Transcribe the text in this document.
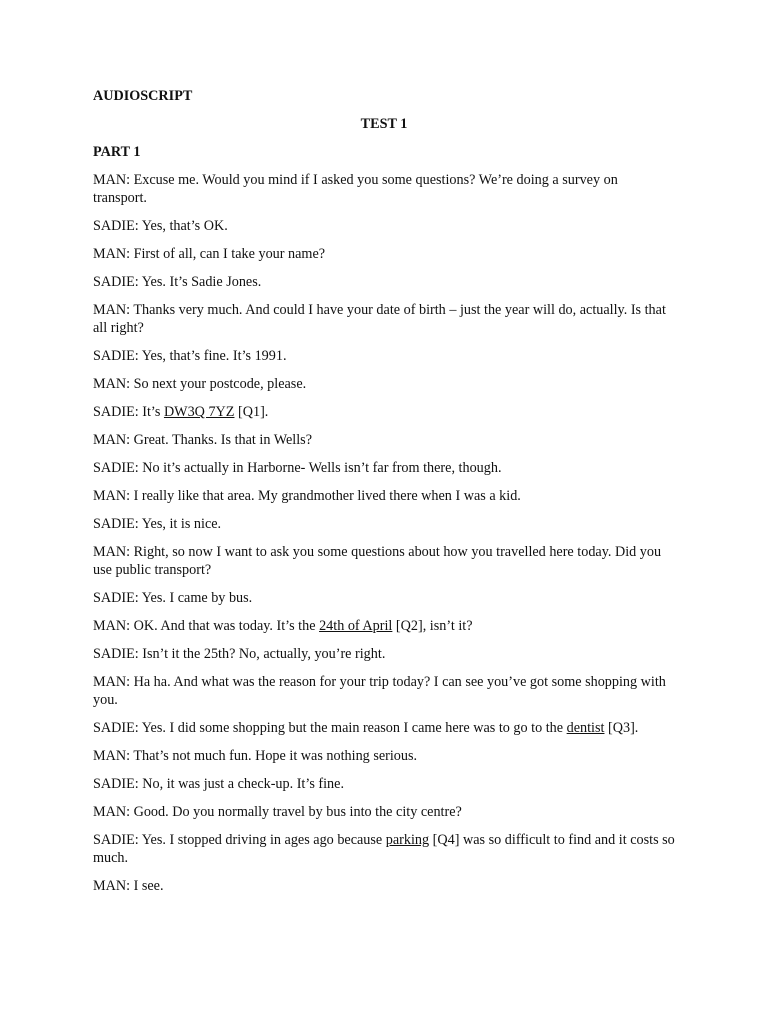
AUDIOSCRIPT

TEST 1

PART 1

MAN: Excuse me. Would you mind if I asked you some questions? We’re doing a survey on transport.

SADIE: Yes, that’s OK.

MAN: First of all, can I take your name?

SADIE: Yes. It’s Sadie Jones.

MAN: Thanks very much. And could I have your date of birth – just the year will do, actually. Is that all right?

SADIE: Yes, that’s fine. It’s 1991.

MAN: So next your postcode, please.

SADIE: It’s DW3Q 7YZ [Q1].

MAN: Great. Thanks. Is that in Wells?

SADIE: No it’s actually in Harborne- Wells isn’t far from there, though.

MAN: I really like that area. My grandmother lived there when I was a kid.

SADIE: Yes, it is nice.

MAN: Right, so now I want to ask you some questions about how you travelled here today. Did you use public transport?

SADIE: Yes. I came by bus.

MAN: OK. And that was today. It’s the 24th of April [Q2], isn’t it?

SADIE: Isn’t it the 25th? No, actually, you’re right.

MAN: Ha ha. And what was the reason for your trip today? I can see you’ve got some shopping with you.

SADIE: Yes. I did some shopping but the main reason I came here was to go to the dentist [Q3].

MAN: That’s not much fun. Hope it was nothing serious.

SADIE: No, it was just a check-up. It’s fine.

MAN: Good. Do you normally travel by bus into the city centre?

SADIE: Yes. I stopped driving in ages ago because parking [Q4] was so difficult to find and it costs so much.

MAN: I see.
